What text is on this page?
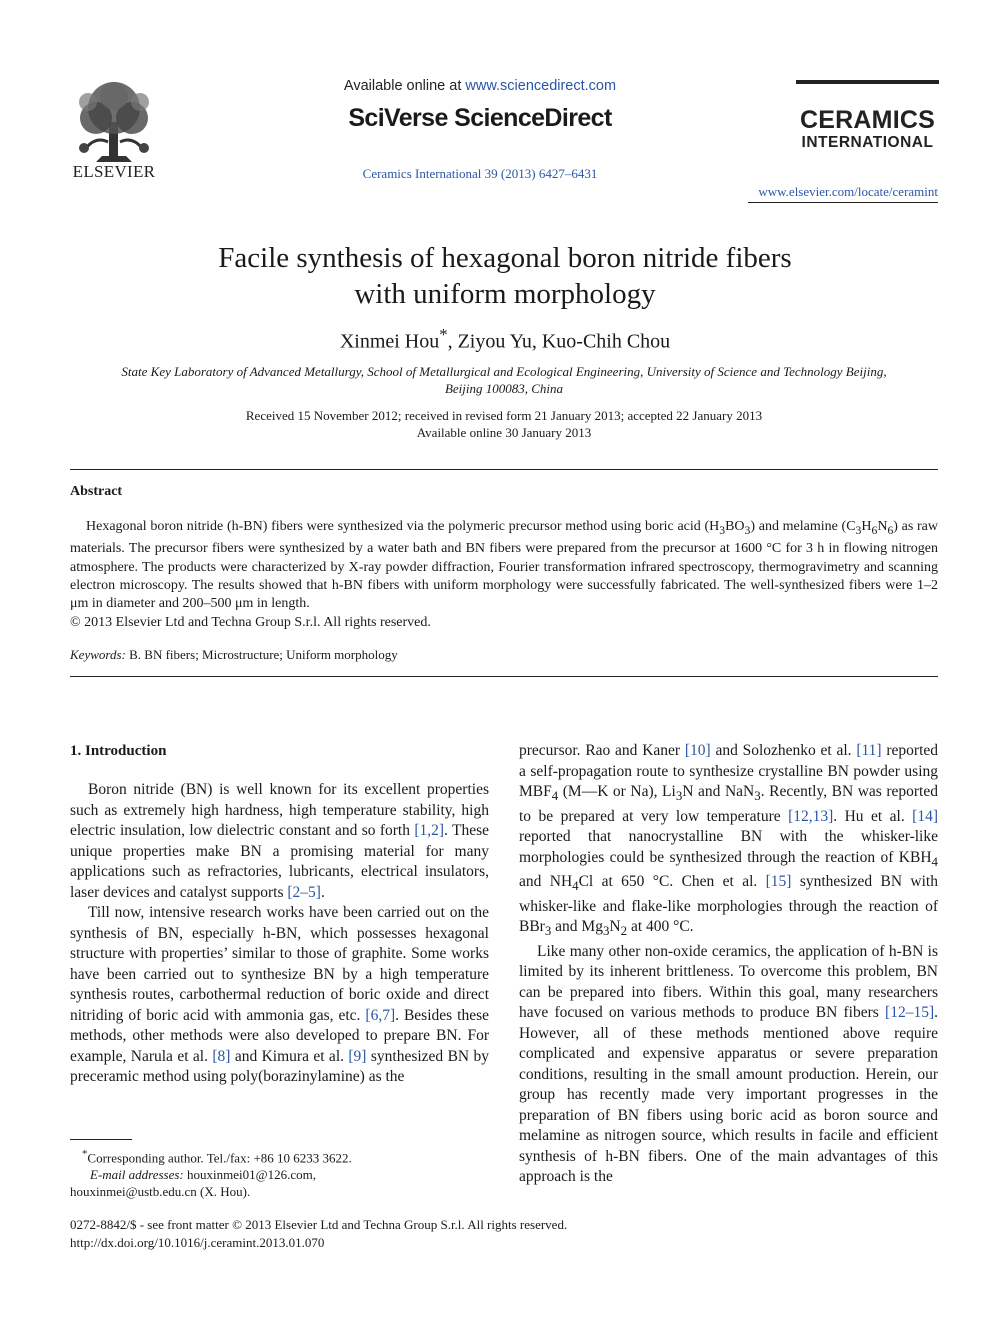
ELSEVIER
Available online at www.sciencedirect.com
SciVerse ScienceDirect
Ceramics International 39 (2013) 6427–6431
CERAMICS
INTERNATIONAL
www.elsevier.com/locate/ceramint
Facile synthesis of hexagonal boron nitride fibers
with uniform morphology
Xinmei Hou*, Ziyou Yu, Kuo-Chih Chou
State Key Laboratory of Advanced Metallurgy, School of Metallurgical and Ecological Engineering, University of Science and Technology Beijing,
Beijing 100083, China
Received 15 November 2012; received in revised form 21 January 2013; accepted 22 January 2013
Available online 30 January 2013
Abstract

Hexagonal boron nitride (h-BN) fibers were synthesized via the polymeric precursor method using boric acid $(H_3BO_3)$ and melamine $(C_3H_6N_6)$ as raw materials. The precursor fibers were synthesized by a water bath and BN fibers were prepared from the precursor at 1600 °C for 3 h in flowing nitrogen atmosphere. The products were characterized by X-ray powder diffraction, Fourier transformation infrared spectroscopy, thermogravimetry and scanning electron microscopy. The results showed that h-BN fibers with uniform morphology were successfully fabricated. The well-synthesized fibers were 1–2 μm in diameter and 200–500 μm in length.

© 2013 Elsevier Ltd and Techna Group S.r.l. All rights reserved.
Keywords: B. BN fibers; Microstructure; Uniform morphology
1. Introduction

Boron nitride (BN) is well known for its excellent properties such as extremely high hardness, high temperature stability, high electric insulation, low dielectric constant and so forth [1,2]. These unique properties make BN a promising material for many applications such as refractories, lubricants, electrical insulators, laser devices and catalyst supports [2–5].

Till now, intensive research works have been carried out on the synthesis of BN, especially h-BN, which possesses hexagonal structure with properties’ similar to those of graphite. Some works have been carried out to synthesize BN by a high temperature synthesis routes, carbothermal reduction of boric oxide and direct nitriding of boric acid with ammonia gas, etc. [6,7]. Besides these methods, other methods were also developed to prepare BN. For example, Narula et al. [8] and Kimura et al. [9] synthesized BN by preceramic method using poly(borazinylamine) as the

precursor. Rao and Kaner [10] and Solozhenko et al. [11] reported a self-propagation route to synthesize crystalline BN powder using $MBF_4$ (M—K or Na), $Li_3N$ and NaN$_3$. Recently, BN was reported to be prepared at very low temperature [12,13]. Hu et al. [14] reported that nanocrystalline BN with the whisker-like morphologies could be synthesized through the reaction of $KBH_4$ and $NH_4Cl$ at 650 °C. Chen et al. [15] synthesized BN with whisker-like and flake-like morphologies through the reaction of BBr$_3$ and $Mg_3N_2$ at 400 °C.

Like many other non-oxide ceramics, the application of h-BN is limited by its inherent brittleness. To overcome this problem, BN can be prepared into fibers. Within this goal, many researchers have focused on various methods to produce BN fibers [12–15]. However, all of these methods mentioned above require complicated and expensive apparatus or severe preparation conditions, resulting in the small amount production. Herein, our group has recently made very important progresses in the preparation of BN fibers using boric acid as boron source and melamine as nitrogen source, which results in facile and efficient synthesis of h-BN fibers. One of the main advantages of this approach is the

*Corresponding author. Tel./fax: +86 10 6233 3622.
E-mail addresses: houxinmei01@126.com,
houxinmei@ustb.edu.cn (X. Hou).
0272-8842/$ - see front matter © 2013 Elsevier Ltd and Techna Group S.r.l. All rights reserved.
http://dx.doi.org/10.1016/j.ceramint.2013.01.070
